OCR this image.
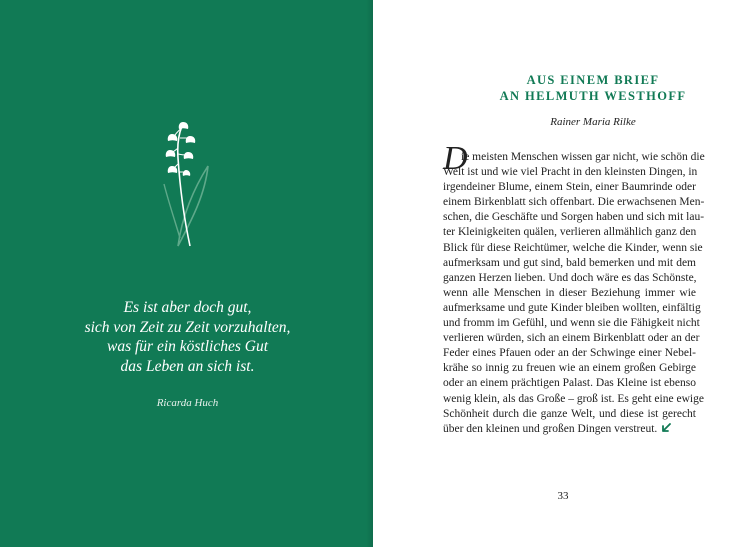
Es ist aber doch gut,
sich von Zeit zu Zeit vorzuhalten,
was für ein köstliches Gut
das Leben an sich ist.
Ricarda Huch
AUS EINEM BRIEF
AN HELMUTH WESTHOFF
Rainer Maria Rilke
D
ie meisten Menschen wissen gar nicht, wie schön die
Welt ist und wie viel Pracht in den kleinsten Dingen, in
irgendeiner Blume, einem Stein, einer Baumrinde oder
einem Birkenblatt sich offenbart. Die erwachsenen Men-
schen, die Geschäfte und Sorgen haben und sich mit lau-
ter Kleinigkeiten quälen, verlieren allmählich ganz den
Blick für diese Reichtümer, welche die Kinder, wenn sie
aufmerksam und gut sind, bald bemerken und mit dem
ganzen Herzen lieben. Und doch wäre es das Schönste,
wenn alle Menschen in dieser Beziehung immer wie
aufmerksame und gute Kinder bleiben wollten, einfältig
und fromm im Gefühl, und wenn sie die Fähigkeit nicht
verlieren würden, sich an einem Birkenblatt oder an der
Feder eines Pfauen oder an der Schwinge einer Nebel-
krähe so innig zu freuen wie an einem großen Gebirge
oder an einem prächtigen Palast. Das Kleine ist ebenso
wenig klein, als das Große – groß ist. Es geht eine ewige
Schönheit durch die ganze Welt, und diese ist gerecht
über den kleinen und großen Dingen verstreut.
33
